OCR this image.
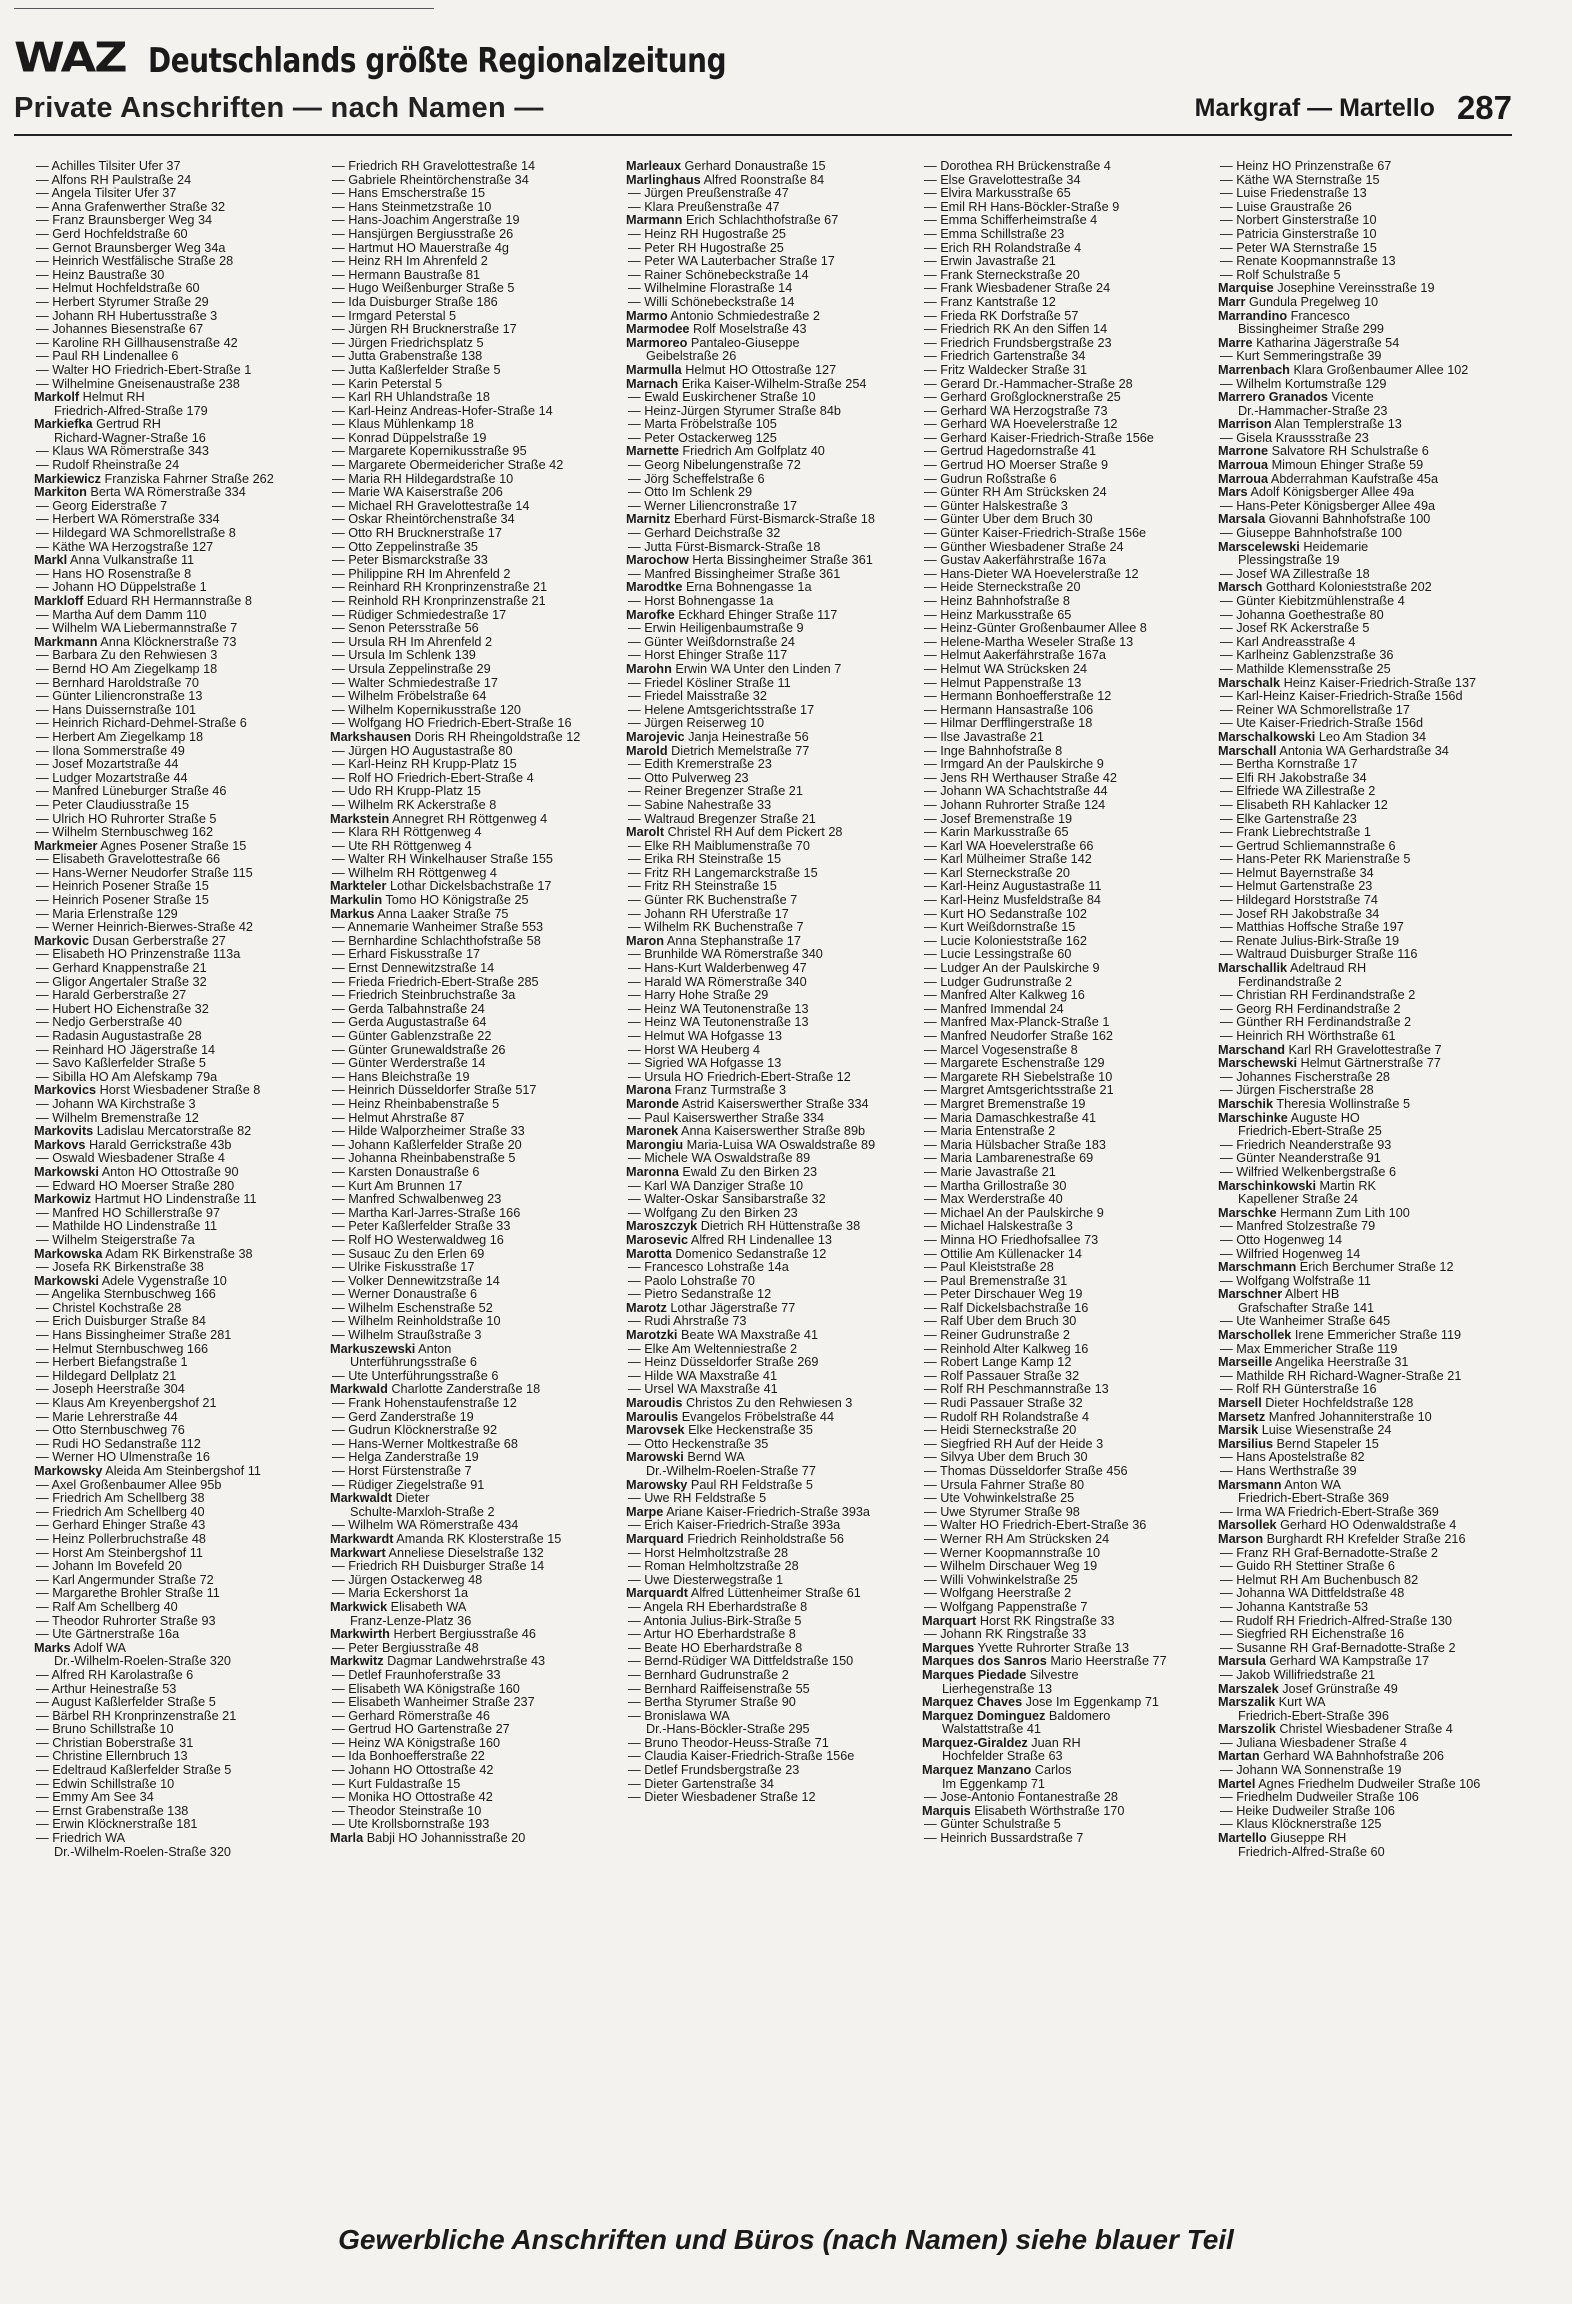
WAZ Deutschlands größte Regionalzeitung
Private Anschriften — nach Namen —	Markgraf — Martello 287
— Achilles Tilsiter Ufer 37
— Alfons RH Paulstraße 24
— Angela Tilsiter Ufer 37
— Anna Grafenwerther Straße 32
— Franz Braunsberger Weg 34
— Gerd Hochfeldstraße 60
— Gernot Braunsberger Weg 34a
— Heinrich Westfälische Straße 28
— Heinz Baustraße 30
— Helmut Hochfeldstraße 60
— Herbert Styrumer Straße 29
— Johann RH Hubertusstraße 3
— Johannes Biesenstraße 67
— Karoline RH Gillhausenstraße 42
— Paul RH Lindenallee 6
— Walter HO Friedrich-Ebert-Straße 1
— Wilhelmine Gneisenaustraße 238
Markolf Helmut RH
Friedrich-Alfred-Straße 179
Markiefka Gertrud RH
Richard-Wagner-Straße 16
— Klaus WA Römerstraße 343
— Rudolf Rheinstraße 24
Markiewicz Franziska Fahrner Straße 262
Markiton Berta WA Römerstraße 334
— Georg Eiderstraße 7
— Herbert WA Römerstraße 334
— Hildegard WA Schmorellstraße 8
— Käthe WA Herzogstraße 127
Markl Anna Vulkanstraße 11
— Hans HO Rosenstraße 8
— Johann HO Düppelstraße 1
Markloff Eduard RH Hermannstraße 8
— Martha Auf dem Damm 110
— Wilhelm WA Liebermannstraße 7
Markmann Anna Klöcknerstraße 73
— Barbara Zu den Rehwiesen 3
— Bernd HO Am Ziegelkamp 18
— Bernhard Haroldstraße 70
— Günter Liliencronstraße 13
— Hans Duissernstraße 101
— Heinrich Richard-Dehmel-Straße 6
— Herbert Am Ziegelkamp 18
— Ilona Sommerstraße 49
— Josef Mozartstraße 44
— Ludger Mozartstraße 44
— Manfred Lüneburger Straße 46
— Peter Claudiusstraße 15
— Ulrich HO Ruhrorter Straße 5
— Wilhelm Sternbuschweg 162
Markmeier Agnes Posener Straße 15
— Elisabeth Gravelottestraße 66
— Hans-Werner Neudorfer Straße 115
— Heinrich Posener Straße 15
— Heinrich Posener Straße 15
— Maria Erlenstraße 129
— Werner Heinrich-Bierwes-Straße 42
Markovic Dusan Gerberstraße 27
— Elisabeth HO Prinzenstraße 113a
— Gerhard Knappenstraße 21
— Gligor Angertaler Straße 32
— Harald Gerberstraße 27
— Hubert HO Eichenstraße 32
— Nedjo Gerberstraße 40
— Radasin Augustastraße 28
— Reinhard HO Jägerstraße 14
— Savo Kaßlerfelder Straße 5
— Sibilla HO Am Alefskamp 79a
Markovics Horst Wiesbadener Straße 8
— Johann WA Kirchstraße 3
— Wilhelm Bremenstraße 12
Markovits Ladislau Mercatorstraße 82
Markovs Harald Gerrickstraße 43b
— Oswald Wiesbadener Straße 4
Markowski Anton HO Ottostraße 90
— Edward HO Moerser Straße 280
Markowiz Hartmut HO Lindenstraße 11
— Manfred HO Schillerstraße 97
— Mathilde HO Lindenstraße 11
— Wilhelm Steigerstraße 7a
Markowska Adam RK Birkenstraße 38
— Josefa RK Birkenstraße 38
Markowski Adele Vygenstraße 10
— Angelika Sternbuschweg 166
— Christel Kochstraße 28
— Erich Duisburger Straße 84
— Hans Bissingheimer Straße 281
— Helmut Sternbuschweg 166
— Herbert Biefangstraße 1
— Hildegard Dellplatz 21
— Joseph Heerstraße 304
— Klaus Am Kreyenbergshof 21
— Marie Lehrerstraße 44
— Otto Sternbuschweg 76
— Rudi HO Sedanstraße 112
— Werner HO Ulmenstraße 16
Markowsky Aleida Am Steinbergshof 11
— Axel Großenbaumer Allee 95b
— Friedrich Am Schellberg 38
— Friedrich Am Schellberg 40
— Gerhard Ehinger Straße 43
— Heinz Pollerbruchstraße 48
— Horst Am Steinbergshof 11
— Johann Im Bovefeld 20
— Karl Angermunder Straße 72
— Margarethe Brohler Straße 11
— Ralf Am Schellberg 40
— Theodor Ruhrorter Straße 93
— Ute Gärtnerstraße 16a
Marks Adolf WA
Dr.-Wilhelm-Roelen-Straße 320
— Alfred RH Karolastraße 6
— Arthur Heinestraße 53
— August Kaßlerfelder Straße 5
— Bärbel RH Kronprinzenstraße 21
— Bruno Schillstraße 10
— Christian Boberstraße 31
— Christine Ellernbruch 13
— Edeltraud Kaßlerfelder Straße 5
— Edwin Schillstraße 10
— Emmy Am See 34
— Ernst Grabenstraße 138
— Erwin Klöcknerstraße 181
— Friedrich WA
Dr.-Wilhelm-Roelen-Straße 320
— Friedrich RH Gravelottestraße 14
— Gabriele Rheintörchenstraße 34
— Hans Emscherstraße 15
— Hans Steinmetzstraße 10
— Hans-Joachim Angerstraße 19
— Hansjürgen Bergiusstraße 26
— Hartmut HO Mauerstraße 4g
— Heinz RH Im Ahrenfeld 2
— Hermann Baustraße 81
— Hugo Weißenburger Straße 5
— Ida Duisburger Straße 186
— Irmgard Peterstal 5
— Jürgen RH Brucknerstraße 17
— Jürgen Friedrichsplatz 5
— Jutta Grabenstraße 138
— Jutta Kaßlerfelder Straße 5
— Karin Peterstal 5
— Karl RH Uhlandstraße 18
— Karl-Heinz Andreas-Hofer-Straße 14
— Klaus Mühlenkamp 18
— Konrad Düppelstraße 19
— Margarete Kopernikusstraße 95
— Margarete Obermeidericher Straße 42
— Maria RH Hildegardstraße 10
— Marie WA Kaiserstraße 206
— Michael RH Gravelottestraße 14
— Oskar Rheintörchenstraße 34
— Otto RH Brucknerstraße 17
— Otto Zeppelinstraße 35
— Peter Bismarckstraße 33
— Philippine RH Im Ahrenfeld 2
— Reinhard RH Kronprinzenstraße 21
— Reinhold RH Kronprinzenstraße 21
— Rüdiger Schmiedestraße 17
— Senon Petersstraße 56
— Ursula RH Im Ahrenfeld 2
— Ursula Im Schlenk 139
— Ursula Zeppelinstraße 29
— Walter Schmiedestraße 17
— Wilhelm Fröbelstraße 64
— Wilhelm Kopernikusstraße 120
— Wolfgang HO Friedrich-Ebert-Straße 16
Markshausen Doris RH Rheingoldstraße 12
— Jürgen HO Augustastraße 80
— Karl-Heinz RH Krupp-Platz 15
— Rolf HO Friedrich-Ebert-Straße 4
— Udo RH Krupp-Platz 15
— Wilhelm RK Ackerstraße 8
Markstein Annegret RH Röttgenweg 4
— Klara RH Röttgenweg 4
— Ute RH Röttgenweg 4
— Walter RH Winkelhauser Straße 155
— Wilhelm RH Röttgenweg 4
Markteler Lothar Dickelsbachstraße 17
Markulin Tomo HO Königstraße 25
Markus Anna Laaker Straße 75
— Annemarie Wanheimer Straße 553
— Bernhardine Schlachthofstraße 58
— Erhard Fiskusstraße 17
— Ernst Dennewitzstraße 14
— Frieda Friedrich-Ebert-Straße 285
— Friedrich Steinbruchstraße 3a
— Gerda Talbahnstraße 24
— Gerda Augustastraße 64
— Günter Gablenzstraße 22
— Günter Grunewaldstraße 26
— Günter Werderstraße 14
— Hans Bleichstraße 19
— Heinrich Düsseldorfer Straße 517
— Heinz Rheinbabenstraße 5
— Helmut Ahrstraße 87
— Hilde Walporzheimer Straße 33
— Johann Kaßlerfelder Straße 20
— Johanna Rheinbabenstraße 5
— Karsten Donaustraße 6
— Kurt Am Brunnen 17
— Manfred Schwalbenweg 23
— Martha Karl-Jarres-Straße 166
— Peter Kaßlerfelder Straße 33
— Rolf HO Westerwaldweg 16
— Susauc Zu den Erlen 69
— Ulrike Fiskusstraße 17
— Volker Dennewitzstraße 14
— Werner Donaustraße 6
— Wilhelm Eschenstraße 52
— Wilhelm Reinholdstraße 10
— Wilhelm Straußstraße 3
Markuszewski Anton
Unterführungsstraße 6
— Ute Unterführungsstraße 6
Markwald Charlotte Zanderstraße 18
— Frank Hohenstaufenstraße 12
— Gerd Zanderstraße 19
— Gudrun Klöcknerstraße 92
— Hans-Werner Moltkestraße 68
— Helga Zanderstraße 19
— Horst Fürstenstraße 7
— Rüdiger Ziegelstraße 91
Markwaldt Dieter
Schulte-Marxloh-Straße 2
— Wilhelm WA Römerstraße 434
Markwardt Amanda RK Klosterstraße 15
Markwart Anneliese Dieselstraße 132
— Friedrich RH Duisburger Straße 14
— Jürgen Ostackerweg 48
— Maria Eckershorst 1a
Markwick Elisabeth WA
Franz-Lenze-Platz 36
Markwirth Herbert Bergiusstraße 46
— Peter Bergiusstraße 48
Markwitz Dagmar Landwehrstraße 43
— Detlef Fraunhoferstraße 33
— Elisabeth WA Königstraße 160
— Elisabeth Wanheimer Straße 237
— Gerhard Römerstraße 46
— Gertrud HO Gartenstraße 27
— Heinz WA Königstraße 160
— Ida Bonhoefferstraße 22
— Johann HO Ottostraße 42
— Kurt Fuldastraße 15
— Monika HO Ottostraße 42
— Theodor Steinstraße 10
— Ute Krollsbornstraße 193
Marla Babji HO Johannisstraße 20
Marleaux Gerhard Donaustraße 15
Marlinghaus Alfred Roonstraße 84
— Jürgen Preußenstraße 47
— Klara Preußenstraße 47
Marmann Erich Schlachthofstraße 67
— Heinz RH Hugostraße 25
— Peter RH Hugostraße 25
— Peter WA Lauterbacher Straße 17
— Rainer Schönebeckstraße 14
— Wilhelmine Florastraße 14
— Willi Schönebeckstraße 14
Marmo Antonio Schmiedestraße 2
Marmodee Rolf Moselstraße 43
Marmoreo Pantaleo-Giuseppe
Geibelstraße 26
Marmulla Helmut HO Ottostraße 127
Marnach Erika Kaiser-Wilhelm-Straße 254
— Ewald Euskirchener Straße 10
— Heinz-Jürgen Styrumer Straße 84b
— Marta Fröbelstraße 105
— Peter Ostackerweg 125
Marnette Friedrich Am Golfplatz 40
— Georg Nibelungenstraße 72
— Jörg Scheffelstraße 6
— Otto Im Schlenk 29
— Werner Liliencronstraße 17
Marnitz Eberhard Fürst-Bismarck-Straße 18
— Gerhard Deichstraße 32
— Jutta Fürst-Bismarck-Straße 18
Marochow Herta Bissingheimer Straße 361
— Manfred Bissingheimer Straße 361
Marodtke Erna Bohnengasse 1a
— Horst Bohnengasse 1a
Marofke Eckhard Ehinger Straße 117
— Erwin Heiligenbaumstraße 9
— Günter Weißdornstraße 24
— Horst Ehinger Straße 117
Marohn Erwin WA Unter den Linden 7
— Friedel Kösliner Straße 11
— Friedel Maisstraße 32
— Helene Amtsgerichtsstraße 17
— Jürgen Reiserweg 10
Marojevic Janja Heinestraße 56
Marold Dietrich Memelstraße 77
— Edith Kremerstraße 23
— Otto Pulverweg 23
— Reiner Bregenzer Straße 21
— Sabine Nahestraße 33
— Waltraud Bregenzer Straße 21
Marolt Christel RH Auf dem Pickert 28
— Elke RH Maiblumenstraße 70
— Erika RH Steinstraße 15
— Fritz RH Langemarckstraße 15
— Fritz RH Steinstraße 15
— Günter RK Buchenstraße 7
— Johann RH Uferstraße 17
— Wilhelm RK Buchenstraße 7
Maron Anna Stephanstraße 17
— Brunhilde WA Römerstraße 340
— Hans-Kurt Walderbenweg 47
— Harald WA Römerstraße 340
— Harry Hohe Straße 29
— Heinz WA Teutonenstraße 13
— Heinz WA Teutonenstraße 13
— Helmut WA Hofgasse 13
— Horst WA Heuberg 4
— Sigried WA Hofgasse 13
— Ursula HO Friedrich-Ebert-Straße 12
Marona Franz Turmstraße 3
Maronde Astrid Kaiserswerther Straße 334
— Paul Kaiserswerther Straße 334
Maronek Anna Kaiserswerther Straße 89b
Marongiu Maria-Luisa WA Oswaldstraße 89
— Michele WA Oswaldstraße 89
Maronna Ewald Zu den Birken 23
— Karl WA Danziger Straße 10
— Walter-Oskar Sansibarstraße 32
— Wolfgang Zu den Birken 23
Maroszczyk Dietrich RH Hüttenstraße 38
Marosevic Alfred RH Lindenallee 13
Marotta Domenico Sedanstraße 12
— Francesco Lohstraße 14a
— Paolo Lohstraße 70
— Pietro Sedanstraße 12
Marotz Lothar Jägerstraße 77
— Rudi Ahrstraße 73
Marotzki Beate WA Maxstraße 41
— Elke Am Weltenniestraße 2
— Heinz Düsseldorfer Straße 269
— Hilde WA Maxstraße 41
— Ursel WA Maxstraße 41
Maroudis Christos Zu den Rehwiesen 3
Maroulis Evangelos Fröbelstraße 44
Marovsek Elke Heckenstraße 35
— Otto Heckenstraße 35
Marowski Bernd WA
Dr.-Wilhelm-Roelen-Straße 77
Marowsky Paul RH Feldstraße 5
— Uwe RH Feldstraße 5
Marpe Ariane Kaiser-Friedrich-Straße 393a
— Erich Kaiser-Friedrich-Straße 393a
Marquard Friedrich Reinholdstraße 56
— Horst Helmholtzstraße 28
— Roman Helmholtzstraße 28
— Uwe Diesterwegstraße 1
Marquardt Alfred Lüttenheimer Straße 61
— Angela RH Eberhardstraße 8
— Antonia Julius-Birk-Straße 5
— Artur HO Eberhardstraße 8
— Beate HO Eberhardstraße 8
— Bernd-Rüdiger WA Dittfeldstraße 150
— Bernhard Gudrunstraße 2
— Bernhard Raiffeisenstraße 55
— Bertha Styrumer Straße 90
— Bronislawa WA
Dr.-Hans-Böckler-Straße 295
— Bruno Theodor-Heuss-Straße 71
— Claudia Kaiser-Friedrich-Straße 156e
— Detlef Frundsbergstraße 23
— Dieter Gartenstraße 34
— Dieter Wiesbadener Straße 12
— Dorothea RH Brückenstraße 4
— Else Gravelottestraße 34
— Elvira Markusstraße 65
— Emil RH Hans-Böckler-Straße 9
— Emma Schifferheimstraße 4
— Emma Schillstraße 23
— Erich RH Rolandstraße 4
— Erwin Javastraße 21
— Frank Sterneckstraße 20
— Frank Wiesbadener Straße 24
— Franz Kantstraße 12
— Frieda RK Dorfstraße 57
— Friedrich RK An den Siffen 14
— Friedrich Frundsbergstraße 23
— Friedrich Gartenstraße 34
— Fritz Waldecker Straße 31
— Gerard Dr.-Hammacher-Straße 28
— Gerhard Großglocknerstraße 25
— Gerhard WA Herzogstraße 73
— Gerhard WA Hoevelerstraße 12
— Gerhard Kaiser-Friedrich-Straße 156e
— Gertrud Hagedornstraße 41
— Gertrud HO Moerser Straße 9
— Gudrun Roßstraße 6
— Günter RH Am Strücksken 24
— Günter Halskestraße 3
— Günter Über dem Bruch 30
— Günter Kaiser-Friedrich-Straße 156e
— Günther Wiesbadener Straße 24
— Gustav Aakerfährstraße 167a
— Hans-Dieter WA Hoevelerstraße 12
— Heide Sterneckstraße 20
— Heinz Bahnhofstraße 8
— Heinz Markusstraße 65
— Heinz-Günter Großenbaumer Allee 8
— Helene-Martha Weseler Straße 13
— Helmut Aakerfährstraße 167a
— Helmut WA Strücksken 24
— Helmut Pappenstraße 13
— Hermann Bonhoefferstraße 12
— Hermann Hansastraße 106
— Hilmar Derfflingerstraße 18
— Ilse Javastraße 21
— Inge Bahnhofstraße 8
— Irmgard An der Paulskirche 9
— Jens RH Werthauser Straße 42
— Johann WA Schachtstraße 44
— Johann Ruhrorter Straße 124
— Josef Bremenstraße 19
— Karin Markusstraße 65
— Karl WA Hoevelerstraße 66
— Karl Mülheimer Straße 142
— Karl Sterneckstraße 20
— Karl-Heinz Augustastraße 11
— Karl-Heinz Musfeldstraße 84
— Kurt HO Sedanstraße 102
— Kurt Weißdornstraße 15
— Lucie Kolonieststraße 162
— Lucie Lessingstraße 60
— Ludger An der Paulskirche 9
— Ludger Gudrunstraße 2
— Manfred Alter Kalkweg 16
— Manfred Immendal 24
— Manfred Max-Planck-Straße 1
— Manfred Neudorfer Straße 162
— Marcel Vogesenstraße 8
— Margarete Eschenstraße 129
— Margarete RH Siebelstraße 10
— Margret Amtsgerichtsstraße 21
— Margret Bremenstraße 19
— Maria Damaschkestraße 41
— Maria Entenstraße 2
— Maria Hülsbacher Straße 183
— Maria Lambarenestraße 69
— Marie Javastraße 21
— Martha Grillostraße 30
— Max Werderstraße 40
— Michael An der Paulskirche 9
— Michael Halskestraße 3
— Minna HO Friedhofsallee 73
— Ottilie Am Küllenacker 14
— Paul Kleiststraße 28
— Paul Bremenstraße 31
— Peter Dirschauer Weg 19
— Ralf Dickelsbachstraße 16
— Ralf Über dem Bruch 30
— Reiner Gudrunstraße 2
— Reinhold Alter Kalkweg 16
— Robert Lange Kamp 12
— Rolf Passauer Straße 32
— Rolf RH Peschmannstraße 13
— Rudi Passauer Straße 32
— Rudolf RH Rolandstraße 4
— Heidi Sterneckstraße 20
— Siegfried RH Auf der Heide 3
— Silvya Über dem Bruch 30
— Thomas Düsseldorfer Straße 456
— Ursula Fahrner Straße 80
— Ute Vohwinkelstraße 25
— Uwe Styrumer Straße 98
— Walter HO Friedrich-Ebert-Straße 36
— Werner RH Am Strücksken 24
— Werner Koopmannstraße 10
— Wilhelm Dirschauer Weg 19
— Willi Vohwinkelstraße 25
— Wolfgang Heerstraße 2
— Wolfgang Pappenstraße 7
Marquart Horst RK Ringstraße 33
— Johann RK Ringstraße 33
Marques Yvette Ruhrorter Straße 13
Marques dos Sanros Mario Heerstraße 77
Marques Piedade Silvestre
Lierhegenstraße 13
Marquez Chaves Jose Im Eggenkamp 71
Marquez Dominguez Baldomero
Walstattstraße 41
Marquez-Giraldez Juan RH
Hochfelder Straße 63
Marquez Manzano Carlos
Im Eggenkamp 71
— Jose-Antonio Fontanestraße 28
Marquis Elisabeth Wörthstraße 170
— Günter Schulstraße 5
— Heinrich Bussardstraße 7
— Heinz HO Prinzenstraße 67
— Käthe WA Sternstraße 15
— Luise Friedenstraße 13
— Luise Graustraße 26
— Norbert Ginsterstraße 10
— Patricia Ginsterstraße 10
— Peter WA Sternstraße 15
— Renate Koopmannstraße 13
— Rolf Schulstraße 5
Marquise Josephine Vereinsstraße 19
Marr Gundula Pregelweg 10
Marrandino Francesco
Bissingheimer Straße 299
Marre Katharina Jägerstraße 54
— Kurt Semmeringstraße 39
Marrenbach Klara Großenbaumer Allee 102
— Wilhelm Kortumstraße 129
Marrero Granados Vicente
Dr.-Hammacher-Straße 23
Marrison Alan Templerstraße 13
— Gisela Kraussstraße 23
Marrone Salvatore RH Schulstraße 6
Marroua Mimoun Ehinger Straße 59
Marroua Abderrahman Kaufstraße 45a
Mars Adolf Königsberger Allee 49a
— Hans-Peter Königsberger Allee 49a
Marsala Giovanni Bahnhofstraße 100
— Giuseppe Bahnhofstraße 100
Marscelewski Heidemarie
Plessingstraße 19
— Josef WA Zillestraße 18
Marsch Gotthard Kolonieststraße 202
— Günter Kiebitzmühlenstraße 4
— Johanna Goethestraße 80
— Josef RK Ackerstraße 5
— Karl Andreasstraße 4
— Karlheinz Gablenzstraße 36
— Mathilde Klemensstraße 25
Marschalk Heinz Kaiser-Friedrich-Straße 137
— Karl-Heinz Kaiser-Friedrich-Straße 156d
— Reiner WA Schmorellstraße 17
— Ute Kaiser-Friedrich-Straße 156d
Marschalkowski Leo Am Stadion 34
Marschall Antonia WA Gerhardstraße 34
— Bertha Kornstraße 17
— Elfi RH Jakobstraße 34
— Elfriede WA Zillestraße 2
— Elisabeth RH Kahlacker 12
— Elke Gartenstraße 23
— Frank Liebrechtstraße 1
— Gertrud Schliemannstraße 6
— Hans-Peter RK Marienstraße 5
— Helmut Bayernstraße 34
— Helmut Gartenstraße 23
— Hildegard Horststraße 74
— Josef RH Jakobstraße 34
— Matthias Hoffsche Straße 197
— Renate Julius-Birk-Straße 19
— Waltraud Duisburger Straße 116
Marschallik Adeltraud RH
Ferdinandstraße 2
— Christian RH Ferdinandstraße 2
— Georg RH Ferdinandstraße 2
— Günther RH Ferdinandstraße 2
— Heinrich RH Wörthstraße 61
Marschand Karl RH Gravelottestraße 7
Marschewski Helmut Gärtnerstraße 77
— Johannes Fischerstraße 28
— Jürgen Fischerstraße 28
Marschik Theresia Wollinstraße 5
Marschinke Auguste HO
Friedrich-Ebert-Straße 25
— Friedrich Neanderstraße 93
— Günter Neanderstraße 91
— Wilfried Welkenbergstraße 6
Marschinkowski Martin RK
Kapellener Straße 24
Marschke Hermann Zum Lith 100
— Manfred Stolzestraße 79
— Otto Hogenweg 14
— Wilfried Hogenweg 14
Marschmann Erich Berchumer Straße 12
— Wolfgang Wolfstraße 11
Marschner Albert HB
Grafschafter Straße 141
— Ute Wanheimer Straße 645
Marschollek Irene Emmericher Straße 119
— Max Emmericher Straße 119
Marseille Angelika Heerstraße 31
— Mathilde RH Richard-Wagner-Straße 21
— Rolf RH Günterstraße 16
Marsell Dieter Hochfeldstraße 128
Marsetz Manfred Johanniterstraße 10
Marsik Luise Wiesenstraße 24
Marsilius Bernd Stapeler 15
— Hans Apostelstraße 82
— Hans Werthstraße 39
Marsmann Anton WA
Friedrich-Ebert-Straße 369
— Irma WA Friedrich-Ebert-Straße 369
Marsollek Gerhard HO Odenwaldstraße 4
Marson Burghardt RH Krefelder Straße 216
— Franz RH Graf-Bernadotte-Straße 2
— Guido RH Stettiner Straße 6
— Helmut RH Am Buchenbusch 82
— Johanna WA Dittfeldstraße 48
— Johanna Kantstraße 53
— Rudolf RH Friedrich-Alfred-Straße 130
— Siegfried RH Eichenstraße 16
— Susanne RH Graf-Bernadotte-Straße 2
Marsula Gerhard WA Kampstraße 17
— Jakob Willifriedstraße 21
Marszalek Josef Grünstraße 49
Marszalik Kurt WA
Friedrich-Ebert-Straße 396
Marszolik Christel Wiesbadener Straße 4
— Juliana Wiesbadener Straße 4
Martan Gerhard WA Bahnhofstraße 206
— Johann WA Sonnenstraße 19
Martel Agnes Friedhelm Dudweiler Straße 106
— Friedhelm Dudweiler Straße 106
— Heike Dudweiler Straße 106
— Klaus Klöcknerstraße 125
Martello Giuseppe RH
Friedrich-Alfred-Straße 60
Gewerbliche Anschriften und Büros (nach Namen) siehe blauer Teil
